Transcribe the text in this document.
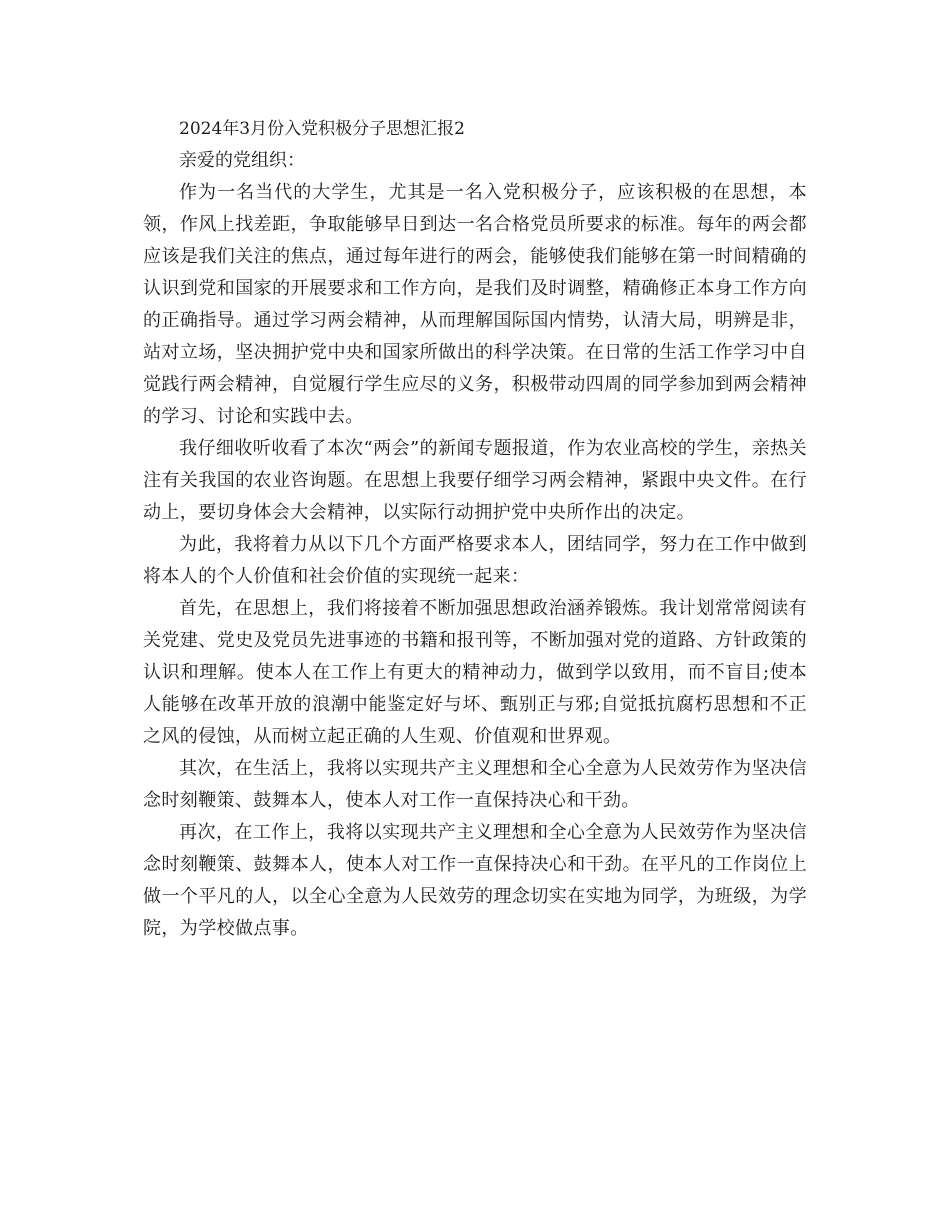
2024年3月份入党积极分子思想汇报2

亲爱的党组织：

作为一名当代的大学生，尤其是一名入党积极分子，应该积极的在思想，本领，作风上找差距，争取能够早日到达一名合格党员所要求的标准。每年的两会都应该是我们关注的焦点，通过每年进行的两会，能够使我们能够在第一时间精确的认识到党和国家的开展要求和工作方向，是我们及时调整，精确修正本身工作方向的正确指导。通过学习两会精神，从而理解国际国内情势，认清大局，明辨是非，站对立场，坚决拥护党中央和国家所做出的科学决策。在日常的生活工作学习中自觉践行两会精神，自觉履行学生应尽的义务，积极带动四周的同学参加到两会精神的学习、讨论和实践中去。

我仔细收听收看了本次“两会”的新闻专题报道，作为农业高校的学生，亲热关注有关我国的农业咨询题。在思想上我要仔细学习两会精神，紧跟中央文件。在行动上，要切身体会大会精神，以实际行动拥护党中央所作出的决定。

为此，我将着力从以下几个方面严格要求本人，团结同学，努力在工作中做到将本人的个人价值和社会价值的实现统一起来：

首先，在思想上，我们将接着不断加强思想政治涵养锻炼。我计划常常阅读有关党建、党史及党员先进事迹的书籍和报刊等，不断加强对党的道路、方针政策的认识和理解。使本人在工作上有更大的精神动力，做到学以致用，而不盲目;使本人能够在改革开放的浪潮中能鉴定好与坏、甄别正与邪;自觉抵抗腐朽思想和不正之风的侵蚀，从而树立起正确的人生观、价值观和世界观。

其次，在生活上，我将以实现共产主义理想和全心全意为人民效劳作为坚决信念时刻鞭策、鼓舞本人，使本人对工作一直保持决心和干劲。

再次，在工作上，我将以实现共产主义理想和全心全意为人民效劳作为坚决信念时刻鞭策、鼓舞本人，使本人对工作一直保持决心和干劲。在平凡的工作岗位上做一个平凡的人，以全心全意为人民效劳的理念切实在实地为同学，为班级，为学院，为学校做点事。
